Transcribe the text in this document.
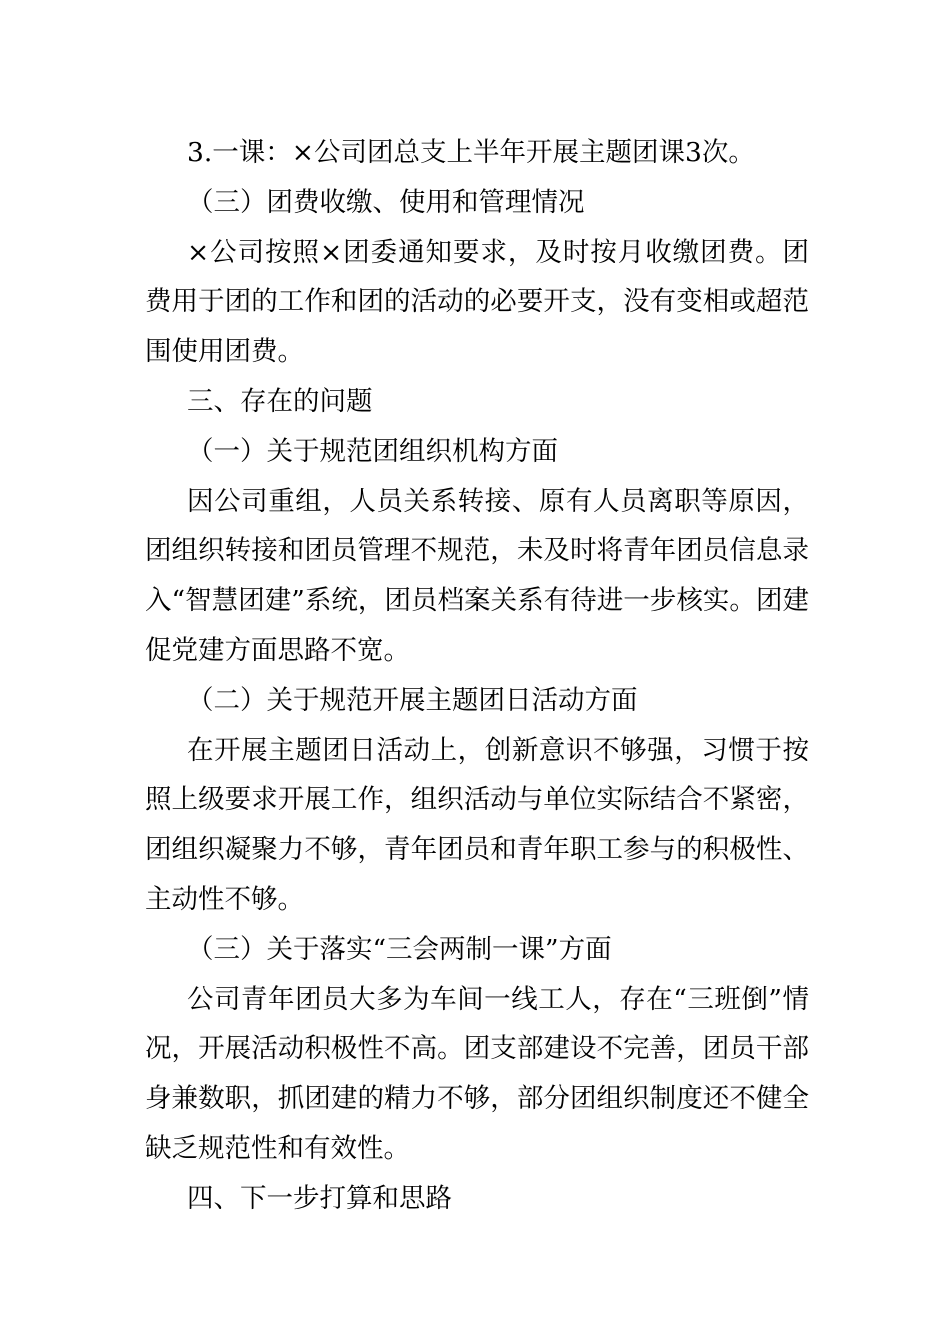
3.一课：×公司团总支上半年开展主题团课3次。

（三）团费收缴、使用和管理情况

×公司按照×团委通知要求，及时按月收缴团费。团费用于团的工作和团的活动的必要开支，没有变相或超范围使用团费。

三、存在的问题

（一）关于规范团组织机构方面

因公司重组，人员关系转接、原有人员离职等原因，团组织转接和团员管理不规范，未及时将青年团员信息录入“智慧团建”系统，团员档案关系有待进一步核实。团建促党建方面思路不宽。

（二）关于规范开展主题团日活动方面

在开展主题团日活动上，创新意识不够强，习惯于按照上级要求开展工作，组织活动与单位实际结合不紧密，团组织凝聚力不够，青年团员和青年职工参与的积极性、主动性不够。

（三）关于落实“三会两制一课”方面

公司青年团员大多为车间一线工人，存在“三班倒”情况，开展活动积极性不高。团支部建设不完善，团员干部身兼数职，抓团建的精力不够，部分团组织制度还不健全缺乏规范性和有效性。

四、下一步打算和思路
